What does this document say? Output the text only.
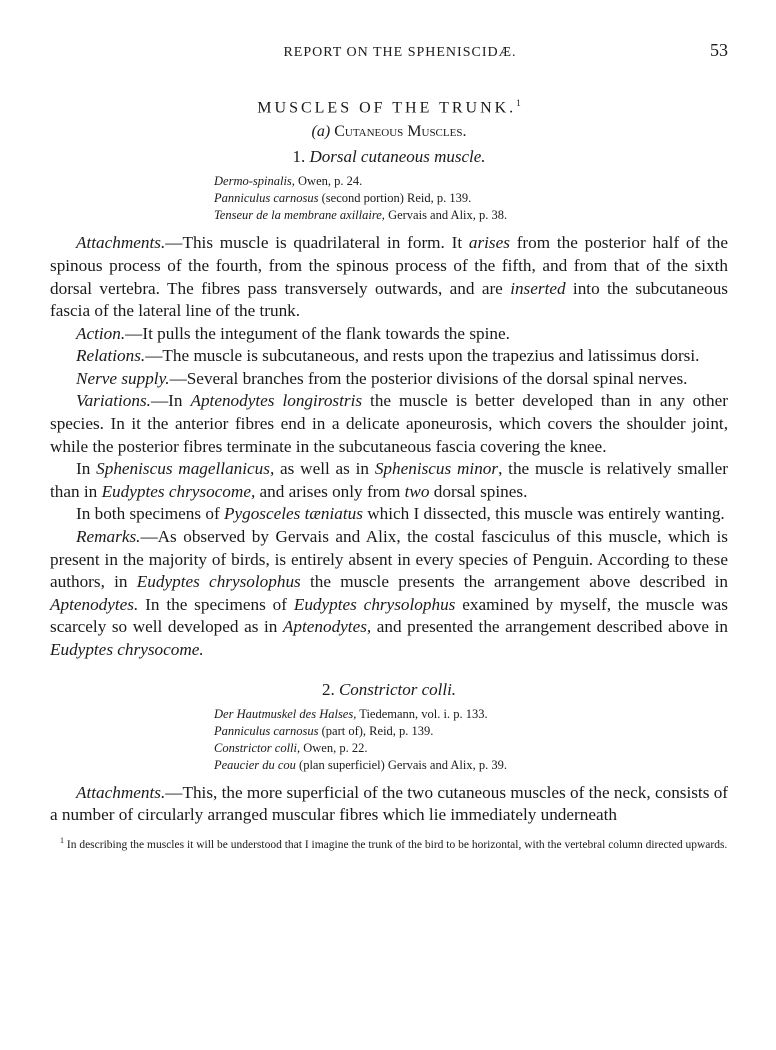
REPORT ON THE SPHENISCIDÆ.	53
MUSCLES OF THE TRUNK.$^1$
(a) Cutaneous Muscles.
1. Dorsal cutaneous muscle.
Dermo-spinalis, Owen, p. 24.
Panniculus carnosus (second portion) Reid, p. 139.
Tenseur de la membrane axillaire, Gervais and Alix, p. 38.

Attachments.—This muscle is quadrilateral in form. It arises from the posterior half of the spinous process of the fourth, from the spinous process of the fifth, and from that of the sixth dorsal vertebra. The fibres pass transversely outwards, and are inserted into the subcutaneous fascia of the lateral line of the trunk.

Action.—It pulls the integument of the flank towards the spine.

Relations.—The muscle is subcutaneous, and rests upon the trapezius and latissimus dorsi.

Nerve supply.—Several branches from the posterior divisions of the dorsal spinal nerves.

Variations.—In Aptenodytes longirostris the muscle is better developed than in any other species. In it the anterior fibres end in a delicate aponeurosis, which covers the shoulder joint, while the posterior fibres terminate in the subcutaneous fascia covering the knee.

In Spheniscus magellanicus, as well as in Spheniscus minor, the muscle is relatively smaller than in Eudyptes chrysocome, and arises only from two dorsal spines.

In both specimens of Pygosceles tæniatus which I dissected, this muscle was entirely wanting.

Remarks.—As observed by Gervais and Alix, the costal fasciculus of this muscle, which is present in the majority of birds, is entirely absent in every species of Penguin. According to these authors, in Eudyptes chrysolophus the muscle presents the arrangement above described in Aptenodytes. In the specimens of Eudyptes chrysolophus examined by myself, the muscle was scarcely so well developed as in Aptenodytes, and presented the arrangement described above in Eudyptes chrysocome.

2. Constrictor colli.
Der Hautmuskel des Halses, Tiedemann, vol. i. p. 133.
Panniculus carnosus (part of), Reid, p. 139.
Constrictor colli, Owen, p. 22.
Peaucier du cou (plan superficiel) Gervais and Alix, p. 39.

Attachments.—This, the more superficial of the two cutaneous muscles of the neck, consists of a number of circularly arranged muscular fibres which lie immediately underneath

$^1$ In describing the muscles it will be understood that I imagine the trunk of the bird to be horizontal, with the vertebral column directed upwards.
